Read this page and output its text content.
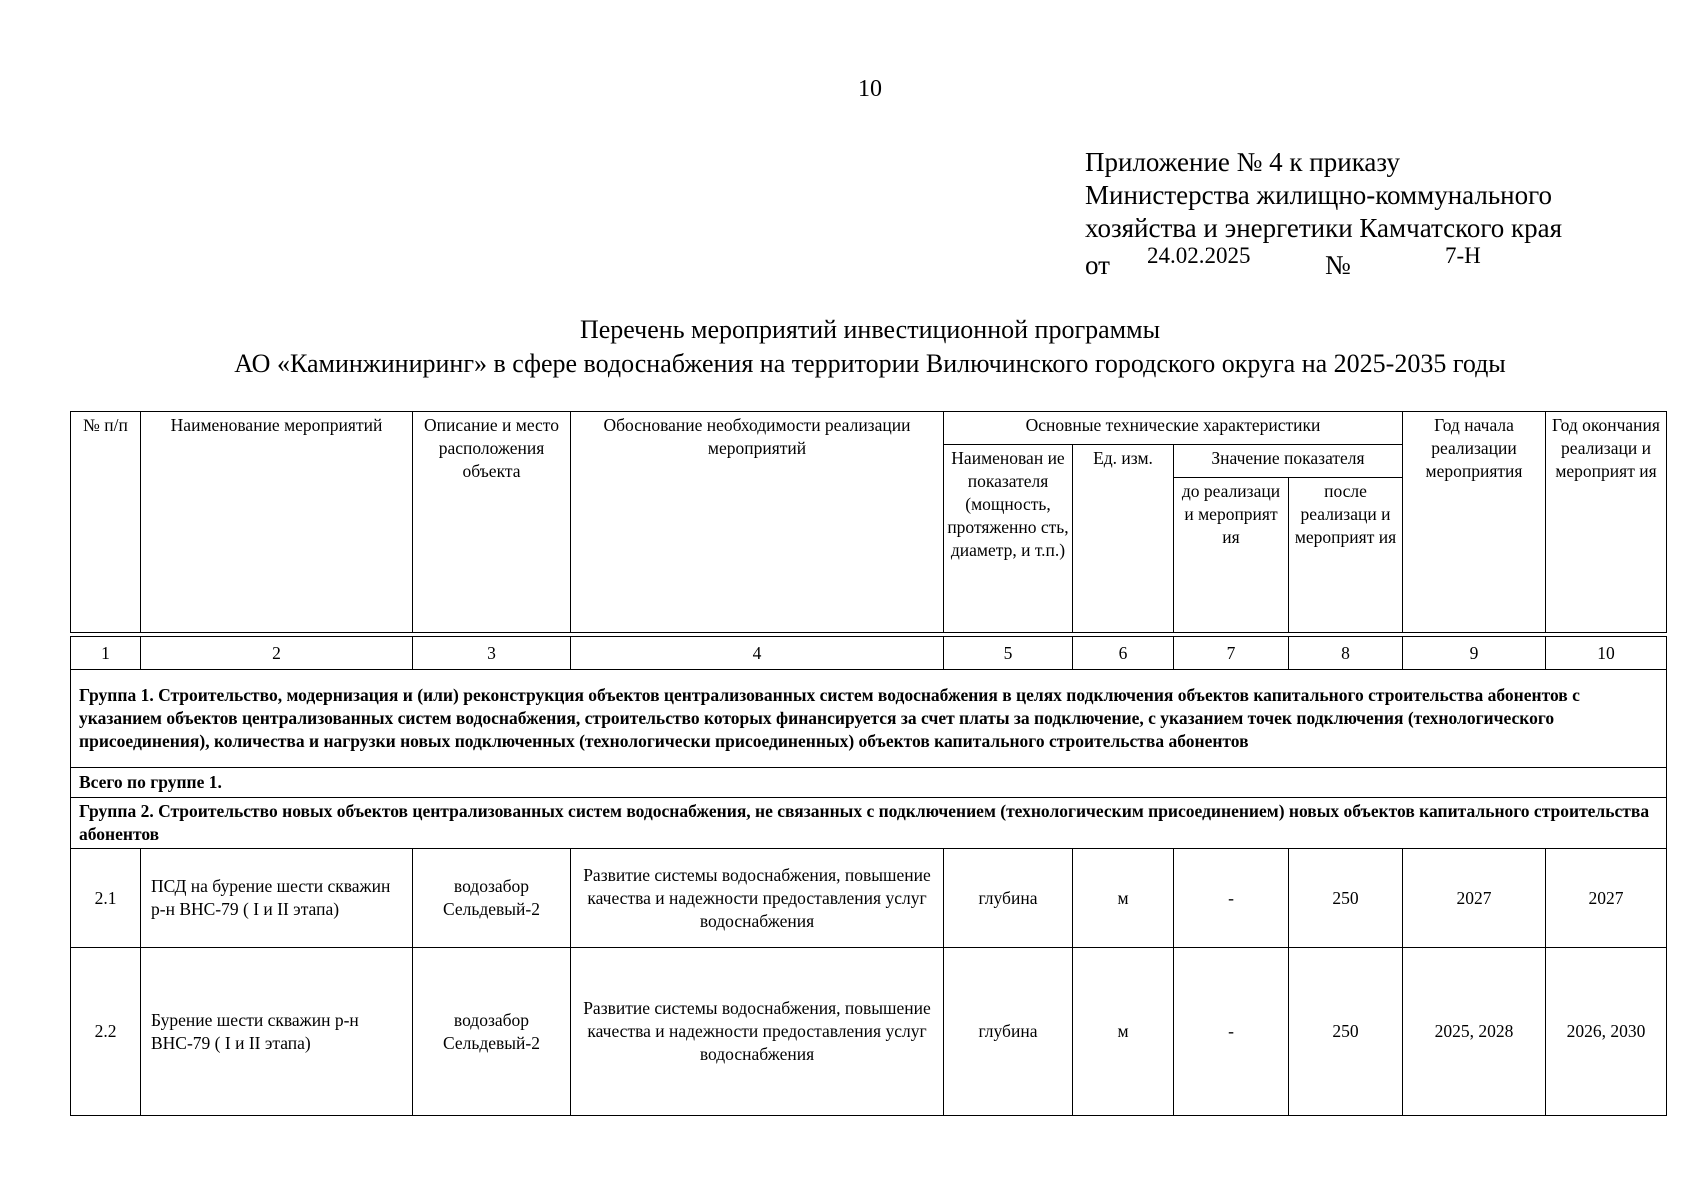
10
Приложение № 4 к приказу
Министерства жилищно-коммунального
хозяйства и энергетики Камчатского края
от 24.02.2025	№	7-Н
Перечень мероприятий инвестиционной программы
АО «Каминжиниринг» в сфере водоснабжения на территории Вилючинского городского округа на 2025-2035 годы
№ п/п	Наименование мероприятий	Описание и место расположения объекта	Обоснование необходимости реализации мероприятий	Основные технические характеристики				Год начала реализации мероприятия	Год окончания реализаци и мероприят ия
				Наименован ие показателя (мощность, протяженно сть, диаметр, и т.п.)	Ед. изм.	Значение показателя			
						до реализаци и мероприят ия	после реализаци и мероприят ия		

1	2	3	4	5	6	7	8	9	10
Группа 1. Строительство, модернизация и (или) реконструкция объектов централизованных систем водоснабжения в целях подключения объектов капитального строительства абонентов с указанием объектов централизованных систем водоснабжения, строительство которых финансируется за счет платы за подключение, с указанием точек подключения (технологического присоединения), количества и нагрузки новых подключенных (технологически присоединенных) объектов капитального строительства абонентов									
Всего по группе 1.									
Группа 2. Строительство новых объектов централизованных систем водоснабжения, не связанных с подключением (технологическим присоединением) новых объектов капитального строительства абонентов									
2.1	ПСД на бурение шести скважин р-н ВНС-79 ( I и II этапа)	водозабор Сельдевый-2	Развитие системы водоснабжения, повышение качества и надежности предоставления услуг водоснабжения	глубина	м	-	250	2027	2027
2.2	Бурение шести скважин р-н ВНС-79 ( I и II этапа)	водозабор Сельдевый-2	Развитие системы водоснабжения, повышение качества и надежности предоставления услуг водоснабжения	глубина	м	-	250	2025, 2028	2026, 2030
